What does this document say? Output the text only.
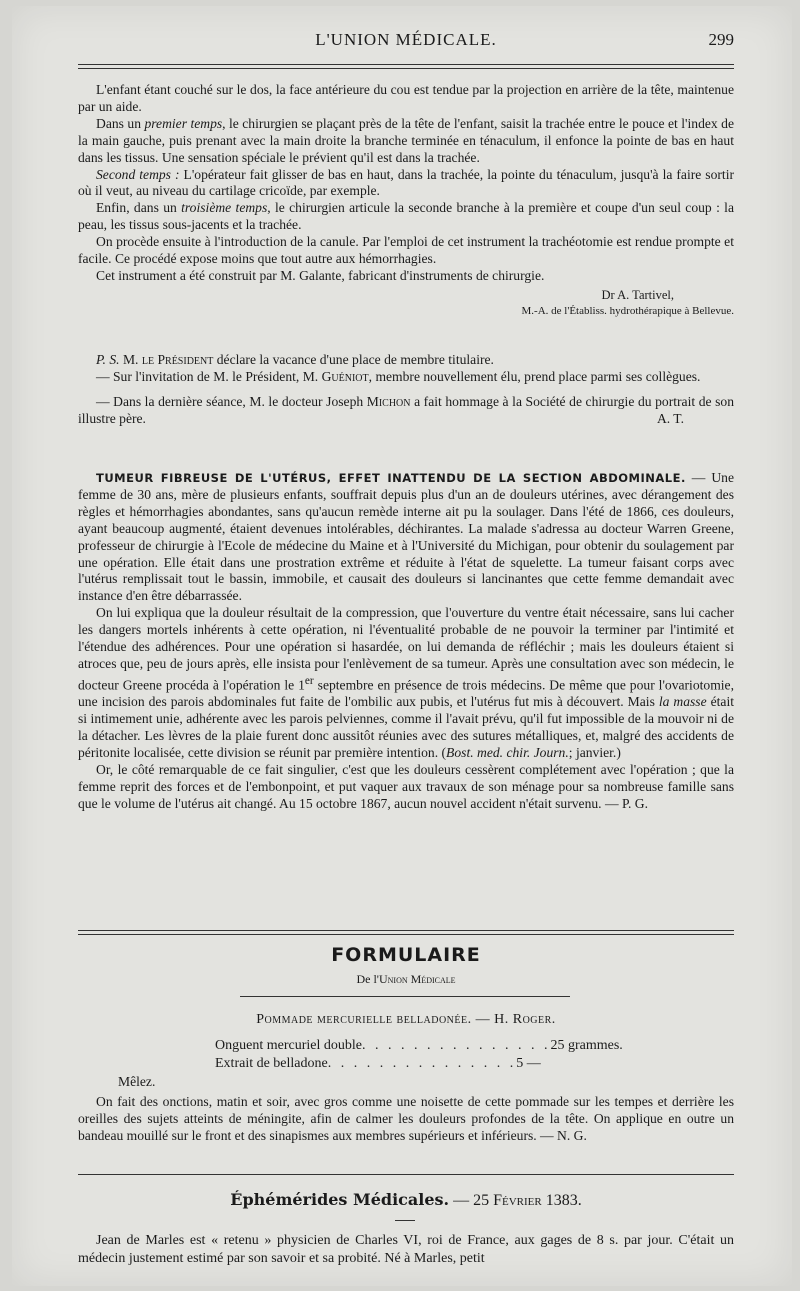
L'UNION MÉDICALE.	299

L'enfant étant couché sur le dos, la face antérieure du cou est tendue par la projection en arrière de la tête, maintenue par un aide.

Dans un premier temps, le chirurgien se plaçant près de la tête de l'enfant, saisit la trachée entre le pouce et l'index de la main gauche, puis prenant avec la main droite la branche terminée en ténaculum, il enfonce la pointe de bas en haut dans les tissus. Une sensation spéciale le prévient qu'il est dans la trachée.

Second temps : L'opérateur fait glisser de bas en haut, dans la trachée, la pointe du ténaculum, jusqu'à la faire sortir où il veut, au niveau du cartilage cricoïde, par exemple.

Enfin, dans un troisième temps, le chirurgien articule la seconde branche à la première et coupe d'un seul coup : la peau, les tissus sous-jacents et la trachée.

On procède ensuite à l'introduction de la canule. Par l'emploi de cet instrument la trachéotomie est rendue prompte et facile. Ce procédé expose moins que tout autre aux hémorrhagies.

Cet instrument a été construit par M. Galante, fabricant d'instruments de chirurgie.

Dr A. Tartivel,
M.-A. de l'Établiss. hydrothérapique à Bellevue.

P. S. M. le Président déclare la vacance d'une place de membre titulaire.

— Sur l'invitation de M. le Président, M. Guéniot, membre nouvellement élu, prend place parmi ses collègues.

— Dans la dernière séance, M. le docteur Joseph Michon a fait hommage à la Société de chirurgie du portrait de son illustre père.	A. T.

TUMEUR FIBREUSE DE L'UTÉRUS, EFFET INATTENDU DE LA SECTION ABDOMINALE. — Une femme de 30 ans, mère de plusieurs enfants, souffrait depuis plus d'un an de douleurs utérines, avec dérangement des règles et hémorrhagies abondantes, sans qu'aucun remède interne ait pu la soulager. Dans l'été de 1866, ces douleurs, ayant beaucoup augmenté, étaient devenues intolérables, déchirantes. La malade s'adressa au docteur Warren Greene, professeur de chirurgie à l'Ecole de médecine du Maine et à l'Université du Michigan, pour obtenir du soulagement par une opération. Elle était dans une prostration extrême et réduite à l'état de squelette. La tumeur faisant corps avec l'utérus remplissait tout le bassin, immobile, et causait des douleurs si lancinantes que cette femme demandait avec instance d'en être débarrassée.

On lui expliqua que la douleur résultait de la compression, que l'ouverture du ventre était nécessaire, sans lui cacher les dangers mortels inhérents à cette opération, ni l'éventualité probable de ne pouvoir la terminer par l'intimité et l'étendue des adhérences. Pour une opération si hasardée, on lui demanda de réfléchir ; mais les douleurs étaient si atroces que, peu de jours après, elle insista pour l'enlèvement de sa tumeur. Après une consultation avec son médecin, le docteur Greene procéda à l'opération le 1er septembre en présence de trois médecins. De même que pour l'ovariotomie, une incision des parois abdominales fut faite de l'ombilic aux pubis, et l'utérus fut mis à découvert. Mais la masse était si intimement unie, adhérente avec les parois pelviennes, comme il l'avait prévu, qu'il fut impossible de la mouvoir ni de la détacher. Les lèvres de la plaie furent donc aussitôt réunies avec des sutures métalliques, et, malgré des accidents de péritonite localisée, cette division se réunit par première intention. (Bost. med. chir. Journ.; janvier.)

Or, le côté remarquable de ce fait singulier, c'est que les douleurs cessèrent complétement avec l'opération ; que la femme reprit des forces et de l'embonpoint, et put vaquer aux travaux de son ménage pour sa nombreuse famille sans que le volume de l'utérus ait changé. Au 15 octobre 1867, aucun nouvel accident n'était survenu. — P. G.

FORMULAIRE
De l'Union Médicale
Pommade mercurielle belladonée. — H. Roger.
Onguent mercuriel double . . . . . . . . . . . . . . . 25 grammes.
Extrait de belladone . . . . . . . . . . . . . . . 5 —

Mêlez.

On fait des onctions, matin et soir, avec gros comme une noisette de cette pommade sur les tempes et derrière les oreilles des sujets atteints de méningite, afin de calmer les douleurs profondes de la tête. On applique en outre un bandeau mouillé sur le front et des sinapismes aux membres supérieurs et inférieurs. — N. G.

Éphémérides Médicales. — 25 Février 1383.

Jean de Marles est « retenu » physicien de Charles VI, roi de France, aux gages de 8 s. par jour. C'était un médecin justement estimé par son savoir et sa probité. Né à Marles, petit
